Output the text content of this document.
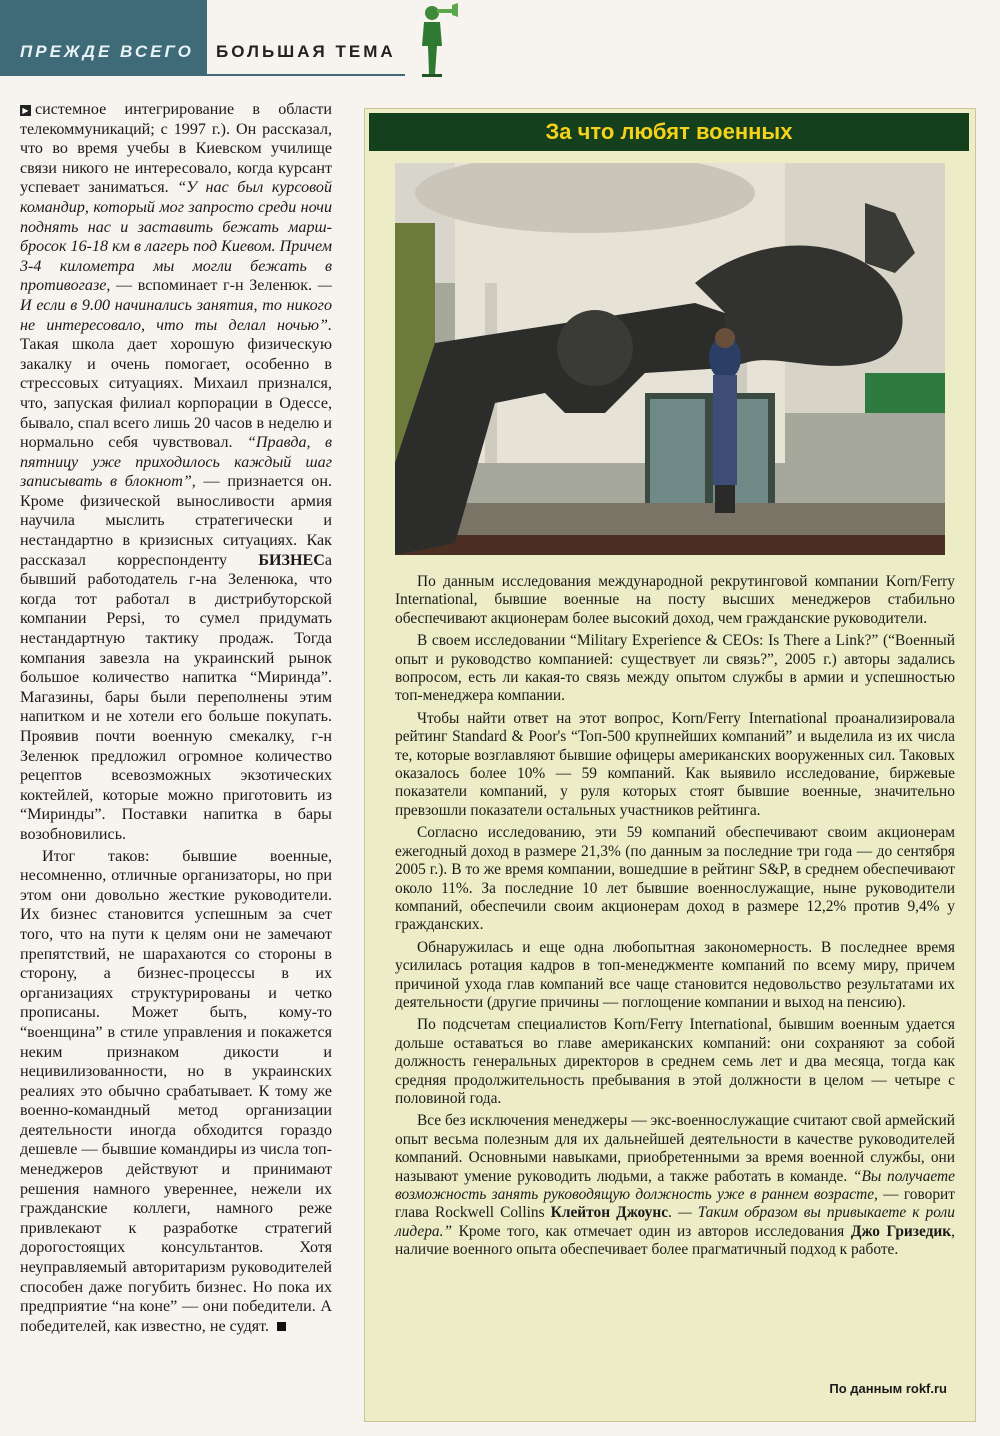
ПРЕЖДЕ ВСЕГО БОЛЬШАЯ ТЕМА

▶ системное интегрирование в области телекоммуникаций; с 1997 г.). Он рассказал, что во время учебы в Киевском училище связи никого не интересовало, когда курсант успевает заниматься. “У нас был курсовой командир, который мог запросто среди ночи поднять нас и заставить бежать марш-бросок 16-18 км в лагерь под Киевом. Причем 3-4 километра мы могли бежать в противогазе, — вспоминает г-н Зеленюк. — И если в 9.00 начинались занятия, то никого не интересовало, что ты делал ночью”. Такая школа дает хорошую физическую закалку и очень помогает, особенно в стрессовых ситуациях. Михаил признался, что, запуская филиал корпорации в Одессе, бывало, спал всего лишь 20 часов в неделю и нормально себя чувствовал. “Правда, в пятницу уже приходилось каждый шаг записывать в блокнот”, — признается он. Кроме физической выносливости армия научила мыслить стратегически и нестандартно в кризисных ситуациях. Как рассказал корреспонденту БИЗНЕСа бывший работодатель г-на Зеленюка, что когда тот работал в дистрибуторской компании Pepsi, то сумел придумать нестандартную тактику продаж. Тогда компания завезла на украинский рынок большое количество напитка “Миринда”. Магазины, бары были переполнены этим напитком и не хотели его больше покупать. Проявив почти военную смекалку, г-н Зеленюк предложил огромное количество рецептов всевозможных экзотических коктейлей, которые можно приготовить из “Миринды”. Поставки напитка в бары возобновились.

Итог таков: бывшие военные, несомненно, отличные организаторы, но при этом они довольно жесткие руководители. Их бизнес становится успешным за счет того, что на пути к целям они не замечают препятствий, не шарахаются со стороны в сторону, а бизнес-процессы в их организациях структурированы и четко прописаны. Может быть, кому-то “военщина” в стиле управления и покажется неким признаком дикости и нецивилизованности, но в украинских реалиях это обычно срабатывает. К тому же военно-командный метод организации деятельности иногда обходится гораздо дешевле — бывшие командиры из числа топ-менеджеров действуют и принимают решения намного увереннее, нежели их гражданские коллеги, намного реже привлекают к разработке стратегий дорогостоящих консультантов. Хотя неуправляемый авторитаризм руководителей способен даже погубить бизнес. Но пока их предприятие “на коне” — они победители. А победителей, как известно, не судят.

За что любят военных

По данным исследования международной рекрутинговой компании Korn/Ferry International, бывшие военные на посту высших менеджеров стабильно обеспечивают акционерам более высокий доход, чем гражданские руководители.

В своем исследовании “Military Experience & CEOs: Is There a Link?” (“Военный опыт и руководство компанией: существует ли связь?”, 2005 г.) авторы задались вопросом, есть ли какая-то связь между опытом службы в армии и успешностью топ-менеджера компании.

Чтобы найти ответ на этот вопрос, Korn/Ferry International проанализировала рейтинг Standard & Poor's “Топ-500 крупнейших компаний” и выделила из их числа те, которые возглавляют бывшие офицеры американских вооруженных сил. Таковых оказалось более 10% — 59 компаний. Как выявило исследование, биржевые показатели компаний, у руля которых стоят бывшие военные, значительно превзошли показатели остальных участников рейтинга.

Согласно исследованию, эти 59 компаний обеспечивают своим акционерам ежегодный доход в размере 21,3% (по данным за последние три года — до сентября 2005 г.). В то же время компании, вошедшие в рейтинг S&P, в среднем обеспечивают около 11%. За последние 10 лет бывшие военнослужащие, ныне руководители компаний, обеспечили своим акционерам доход в размере 12,2% против 9,4% у гражданских.

Обнаружилась и еще одна любопытная закономерность. В последнее время усилилась ротация кадров в топ-менеджменте компаний по всему миру, причем причиной ухода глав компаний все чаще становится недовольство результатами их деятельности (другие причины — поглощение компании и выход на пенсию).

По подсчетам специалистов Korn/Ferry International, бывшим военным удается дольше оставаться во главе американских компаний: они сохраняют за собой должность генеральных директоров в среднем семь лет и два месяца, тогда как средняя продолжительность пребывания в этой должности в целом — четыре с половиной года.

Все без исключения менеджеры — экс-военнослужащие считают свой армейский опыт весьма полезным для их дальнейшей деятельности в качестве руководителей компаний. Основными навыками, приобретенными за время военной службы, они называют умение руководить людьми, а также работать в команде. “Вы получаете возможность занять руководящую должность уже в раннем возрасте, — говорит глава Rockwell Collins Клейтон Джоунс. — Таким образом вы привыкаете к роли лидера.” Кроме того, как отмечает один из авторов исследования Джо Гризедик, наличие военного опыта обеспечивает более прагматичный подход к работе.

По данным rokf.ru
